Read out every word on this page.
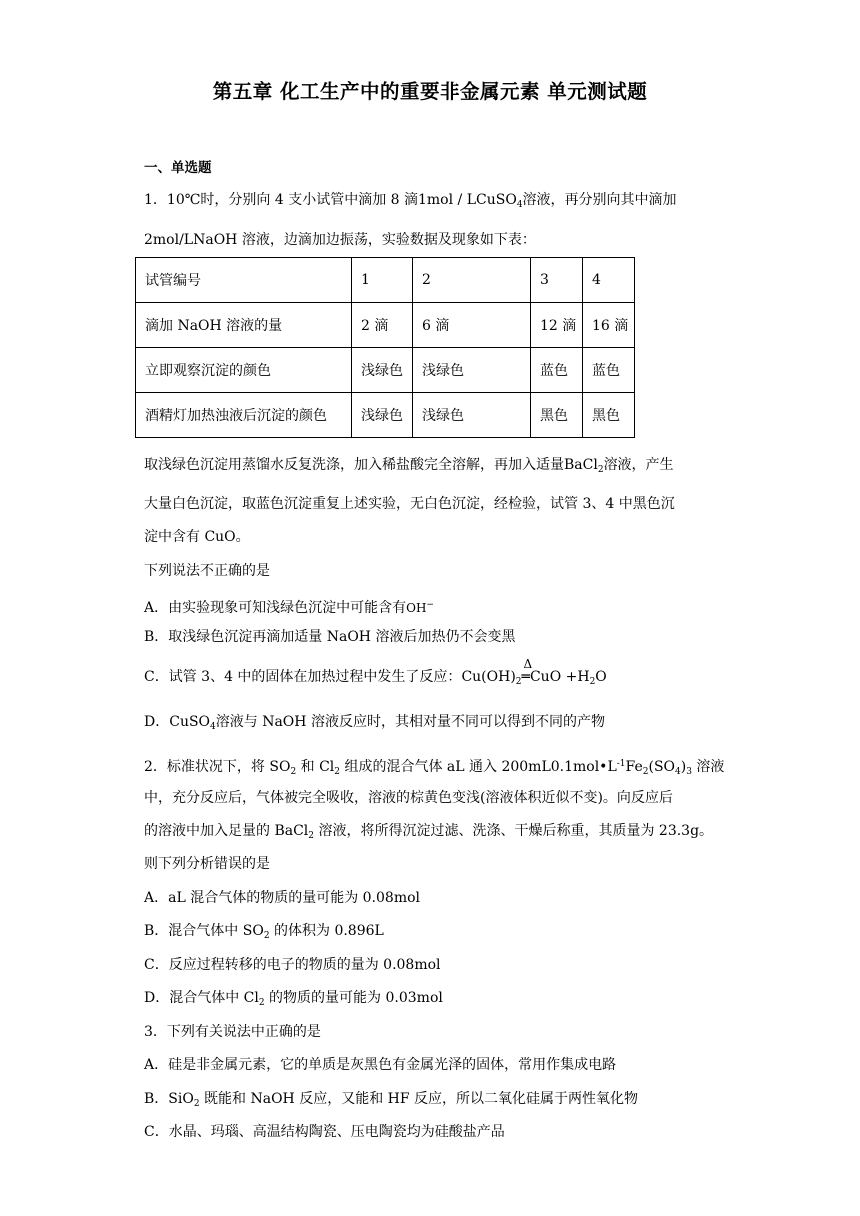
第五章 化工生产中的重要非金属元素 单元测试题
一、单选题
1．10℃时，分别向 4 支小试管中滴加 8 滴1mol / LCuSO$_4$溶液，再分别向其中滴加
2mol/LNaOH 溶液，边滴加边振荡，实验数据及现象如下表：
试管编号	1	2	3	4
滴加 NaOH 溶液的量	2 滴	6 滴	12 滴	16 滴
立即观察沉淀的颜色	浅绿色	浅绿色	蓝色	蓝色
酒精灯加热浊液后沉淀的颜色	浅绿色	浅绿色	黑色	黑色
取浅绿色沉淀用蒸馏水反复洗涤，加入稀盐酸完全溶解，再加入适量BaCl$_2$溶液，产生
大量白色沉淀，取蓝色沉淀重复上述实验，无白色沉淀，经检验，试管 3、4 中黑色沉
淀中含有 CuO。
下列说法不正确的是
A．由实验现象可知浅绿色沉淀中可能含有OH−
B．取浅绿色沉淀再滴加适量 NaOH 溶液后加热仍不会变黑
C．试管 3、4 中的固体在加热过程中发生了反应：$Cu(OH)_2$
Δ
═CuO $+H_2O$
D．CuSO$_4$溶液与 NaOH 溶液反应时，其相对量不同可以得到不同的产物
2．标准状况下，将 $SO_2$ 和 $Cl_2$ 组成的混合气体 aL 通入 $200mL0.1mol•L^{-1}Fe_2(SO_4)_3$ 溶液
中，充分反应后，气体被完全吸收，溶液的棕黄色变浅(溶液体积近似不变)。向反应后
的溶液中加入足量的 BaCl$_2$ 溶液，将所得沉淀过滤、洗涤、干燥后称重，其质量为 23.3g。
则下列分析错误的是
A．aL 混合气体的物质的量可能为 0.08mol
B．混合气体中 $SO_2$ 的体积为 0.896L
C．反应过程转移的电子的物质的量为 0.08mol
D．混合气体中 $Cl_2$ 的物质的量可能为 0.03mol
3．下列有关说法中正确的是
A．硅是非金属元素，它的单质是灰黑色有金属光泽的固体，常用作集成电路
B．SiO$_2$ 既能和 NaOH 反应，又能和 HF 反应，所以二氧化硅属于两性氧化物
C．水晶、玛瑙、高温结构陶瓷、压电陶瓷均为硅酸盐产品
